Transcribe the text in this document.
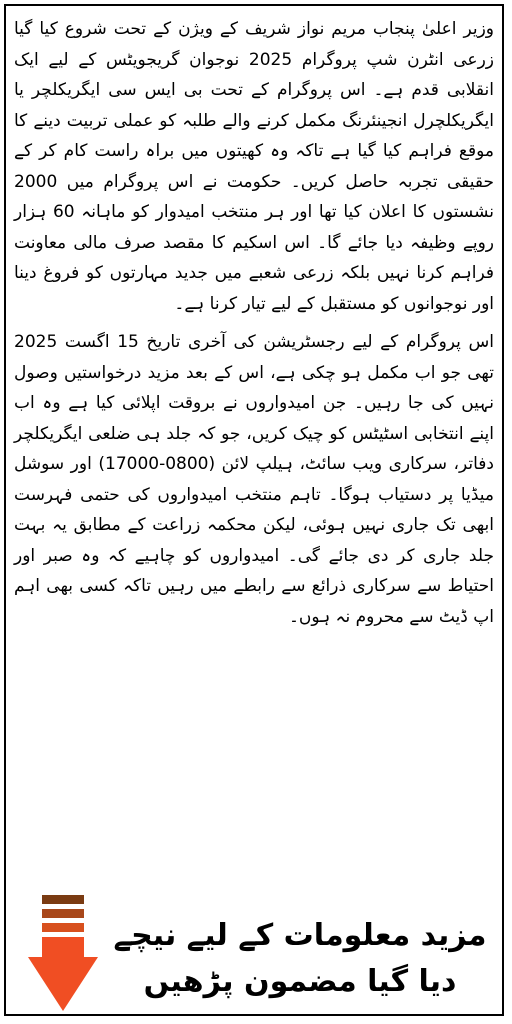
وزیر اعلیٰ پنجاب مریم نواز شریف کے ویژن کے تحت شروع کیا گیا زرعی انٹرن شپ پروگرام 2025 نوجوان گریجویٹس کے لیے ایک انقلابی قدم ہے۔ اس پروگرام کے تحت بی ایس سی ایگریکلچر یا ایگریکلچرل انجینئرنگ مکمل کرنے والے طلبہ کو عملی تربیت دینے کا موقع فراہم کیا گیا ہے تاکہ وہ کھیتوں میں براہ راست کام کر کے حقیقی تجربہ حاصل کریں۔ حکومت نے اس پروگرام میں 2000 نشستوں کا اعلان کیا تھا اور ہر منتخب امیدوار کو ماہانہ 60 ہزار روپے وظیفہ دیا جائے گا۔ اس اسکیم کا مقصد صرف مالی معاونت فراہم کرنا نہیں بلکہ زرعی شعبے میں جدید مہارتوں کو فروغ دینا اور نوجوانوں کو مستقبل کے لیے تیار کرنا ہے۔

اس پروگرام کے لیے رجسٹریشن کی آخری تاریخ 15 اگست 2025 تھی جو اب مکمل ہو چکی ہے، اس کے بعد مزید درخواستیں وصول نہیں کی جا رہیں۔ جن امیدواروں نے بروقت اپلائی کیا ہے وہ اب اپنے انتخابی اسٹیٹس کو چیک کریں، جو کہ جلد ہی ضلعی ایگریکلچر دفاتر، سرکاری ویب سائٹ، ہیلپ لائن (0800-17000) اور سوشل میڈیا پر دستیاب ہوگا۔ تاہم منتخب امیدواروں کی حتمی فہرست ابھی تک جاری نہیں ہوئی، لیکن محکمہ زراعت کے مطابق یہ بہت جلد جاری کر دی جائے گی۔ امیدواروں کو چاہیے کہ وہ صبر اور احتیاط سے سرکاری ذرائع سے رابطے میں رہیں تاکہ کسی بھی اہم اپ ڈیٹ سے محروم نہ ہوں۔

مزید معلومات کے لیے نیچے
دیا گیا مضمون پڑھیں
